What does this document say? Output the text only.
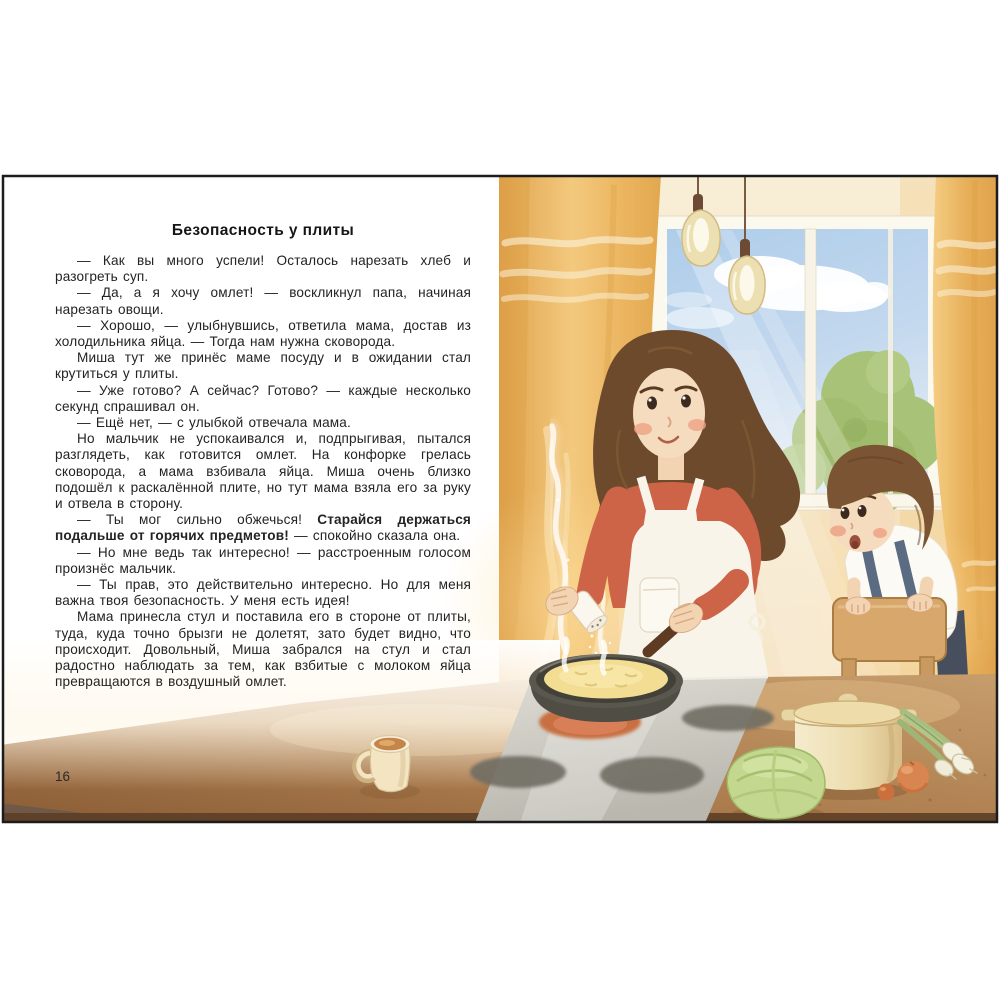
Безопасность у плиты

— Как вы много успели! Осталось нарезать хлеб и разогреть суп.

— Да, а я хочу омлет! — воскликнул папа, начиная нарезать овощи.

— Хорошо, — улыбнувшись, ответила мама, достав из холодильника яйца. — Тогда нам нужна сковорода.

Миша тут же принёс маме посуду и в ожидании стал крутиться у плиты.

— Уже готово? А сейчас? Готово? — каждые несколько секунд спрашивал он.

— Ещё нет, — с улыбкой отвечала мама.

Но мальчик не успокаивался и, подпрыгивая, пытался разглядеть, как готовится омлет. На конфорке грелась сковорода, а мама взбивала яйца. Миша очень близко подошёл к раскалённой плите, но тут мама взяла его за руку и отвела в сторону.

— Ты мог сильно обжечься! Старайся держаться подальше от горячих предметов! — спокойно сказала она.

— Но мне ведь так интересно! — расстроенным голосом произнёс мальчик.

— Ты прав, это действительно интересно. Но для меня важна твоя безопасность. У меня есть идея!

Мама принесла стул и поставила его в стороне от плиты, туда, куда точно брызги не долетят, зато будет видно, что происходит. Довольный, Миша забрался на стул и стал радостно наблюдать за тем, как взбитые с молоком яйца превращаются в воздушный омлет.

16
